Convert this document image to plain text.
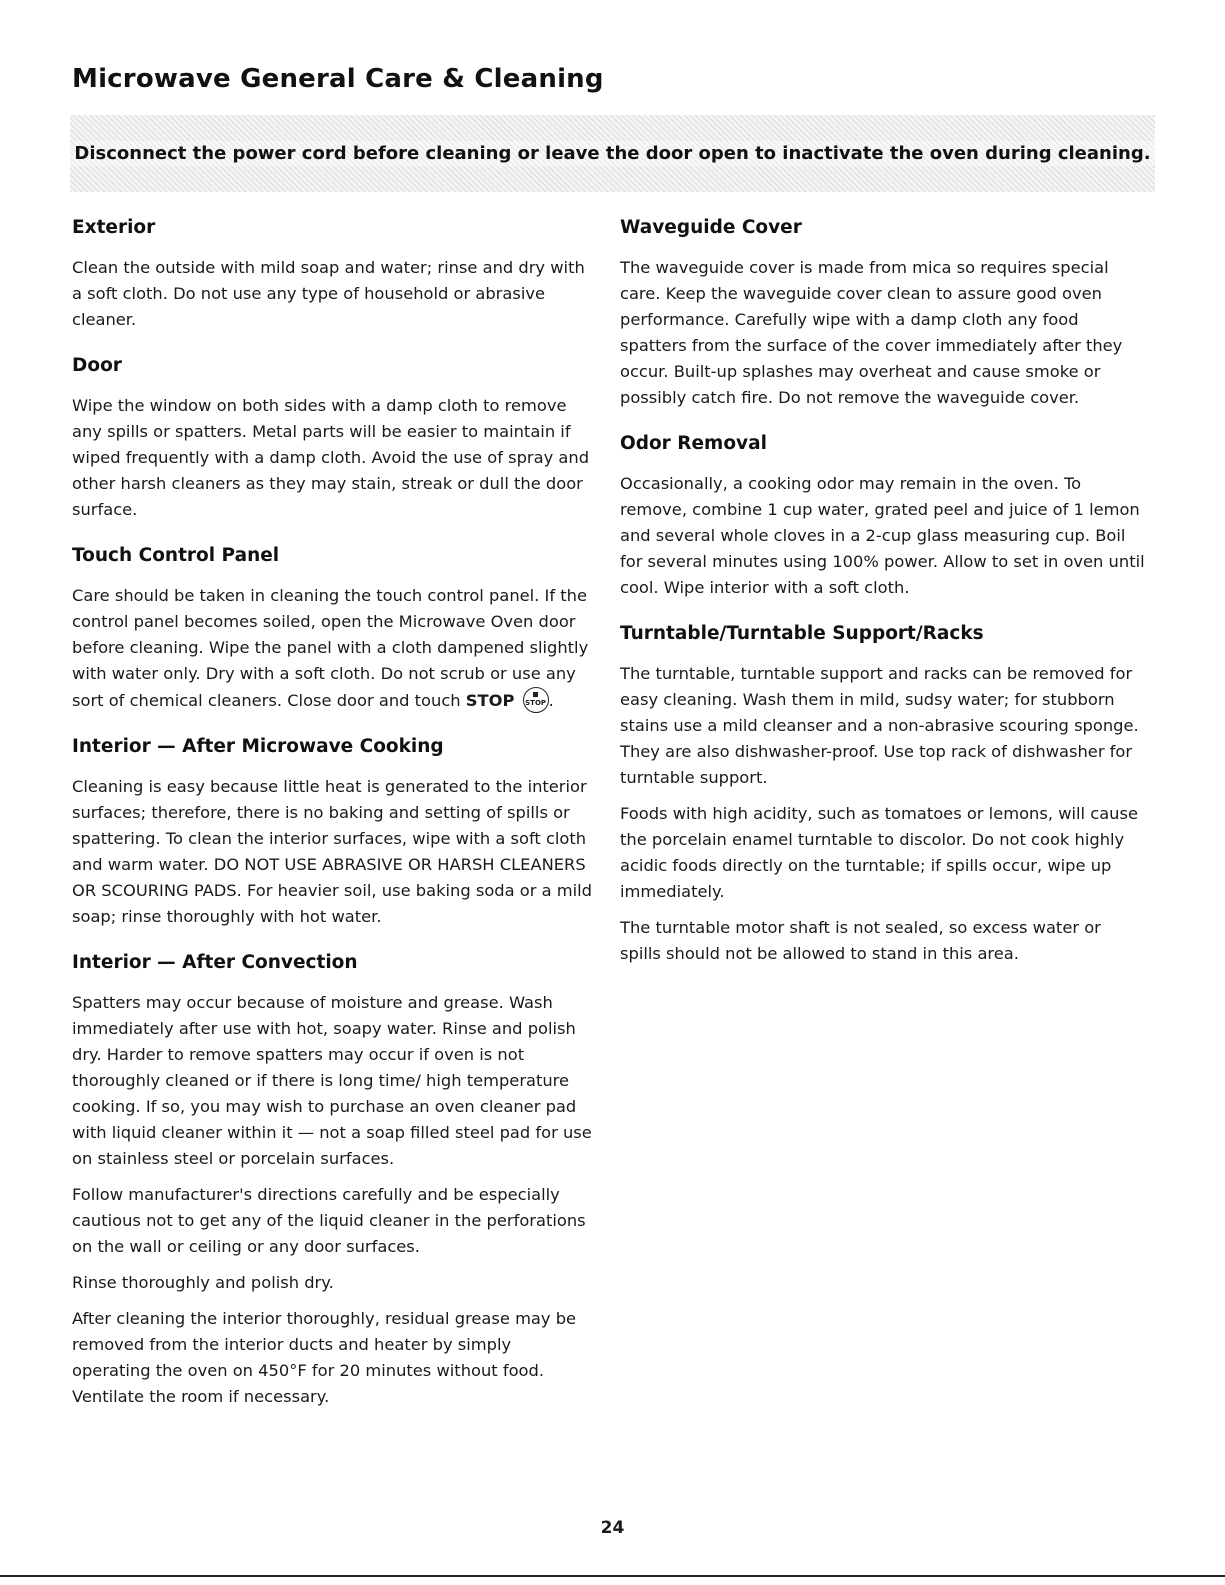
Microwave General Care & Cleaning
Disconnect the power cord before cleaning or leave the door open to inactivate the oven during cleaning.
Exterior

Clean the outside with mild soap and water; rinse and dry with a soft cloth. Do not use any type of household or abrasive cleaner.

Door

Wipe the window on both sides with a damp cloth to remove any spills or spatters. Metal parts will be easier to maintain if wiped frequently with a damp cloth. Avoid the use of spray and other harsh cleaners as they may stain, streak or dull the door surface.

Touch Control Panel

Care should be taken in cleaning the touch control panel. If the control panel becomes soiled, open the Microwave Oven door before cleaning. Wipe the panel with a cloth dampened slightly with water only. Dry with a soft cloth. Do not scrub or use any sort of chemical cleaners. Close door and touch STOP STOP .

Interior — After Microwave Cooking

Cleaning is easy because little heat is generated to the interior surfaces; therefore, there is no baking and setting of spills or spattering. To clean the interior surfaces, wipe with a soft cloth and warm water. DO NOT USE ABRASIVE OR HARSH CLEANERS OR SCOURING PADS. For heavier soil, use baking soda or a mild soap; rinse thoroughly with hot water.

Interior — After Convection

Spatters may occur because of moisture and grease. Wash immediately after use with hot, soapy water. Rinse and polish dry. Harder to remove spatters may occur if oven is not thoroughly cleaned or if there is long time/ high temperature cooking. If so, you may wish to purchase an oven cleaner pad with liquid cleaner within it — not a soap filled steel pad for use on stainless steel or porcelain surfaces.

Follow manufacturer's directions carefully and be especially cautious not to get any of the liquid cleaner in the perforations on the wall or ceiling or any door surfaces.

Rinse thoroughly and polish dry.

After cleaning the interior thoroughly, residual grease may be removed from the interior ducts and heater by simply operating the oven on 450°F for 20 minutes without food. Ventilate the room if necessary.

Waveguide Cover

The waveguide cover is made from mica so requires special care. Keep the waveguide cover clean to assure good oven performance. Carefully wipe with a damp cloth any food spatters from the surface of the cover immediately after they occur. Built-up splashes may overheat and cause smoke or possibly catch fire. Do not remove the waveguide cover.

Odor Removal

Occasionally, a cooking odor may remain in the oven. To remove, combine 1 cup water, grated peel and juice of 1 lemon and several whole cloves in a 2-cup glass measuring cup. Boil for several minutes using 100% power. Allow to set in oven until cool. Wipe interior with a soft cloth.

Turntable/Turntable Support/Racks

The turntable, turntable support and racks can be removed for easy cleaning. Wash them in mild, sudsy water; for stubborn stains use a mild cleanser and a non-abrasive scouring sponge. They are also dishwasher-proof. Use top rack of dishwasher for turntable support.

Foods with high acidity, such as tomatoes or lemons, will cause the porcelain enamel turntable to discolor. Do not cook highly acidic foods directly on the turntable; if spills occur, wipe up immediately.

The turntable motor shaft is not sealed, so excess water or spills should not be allowed to stand in this area.

24
